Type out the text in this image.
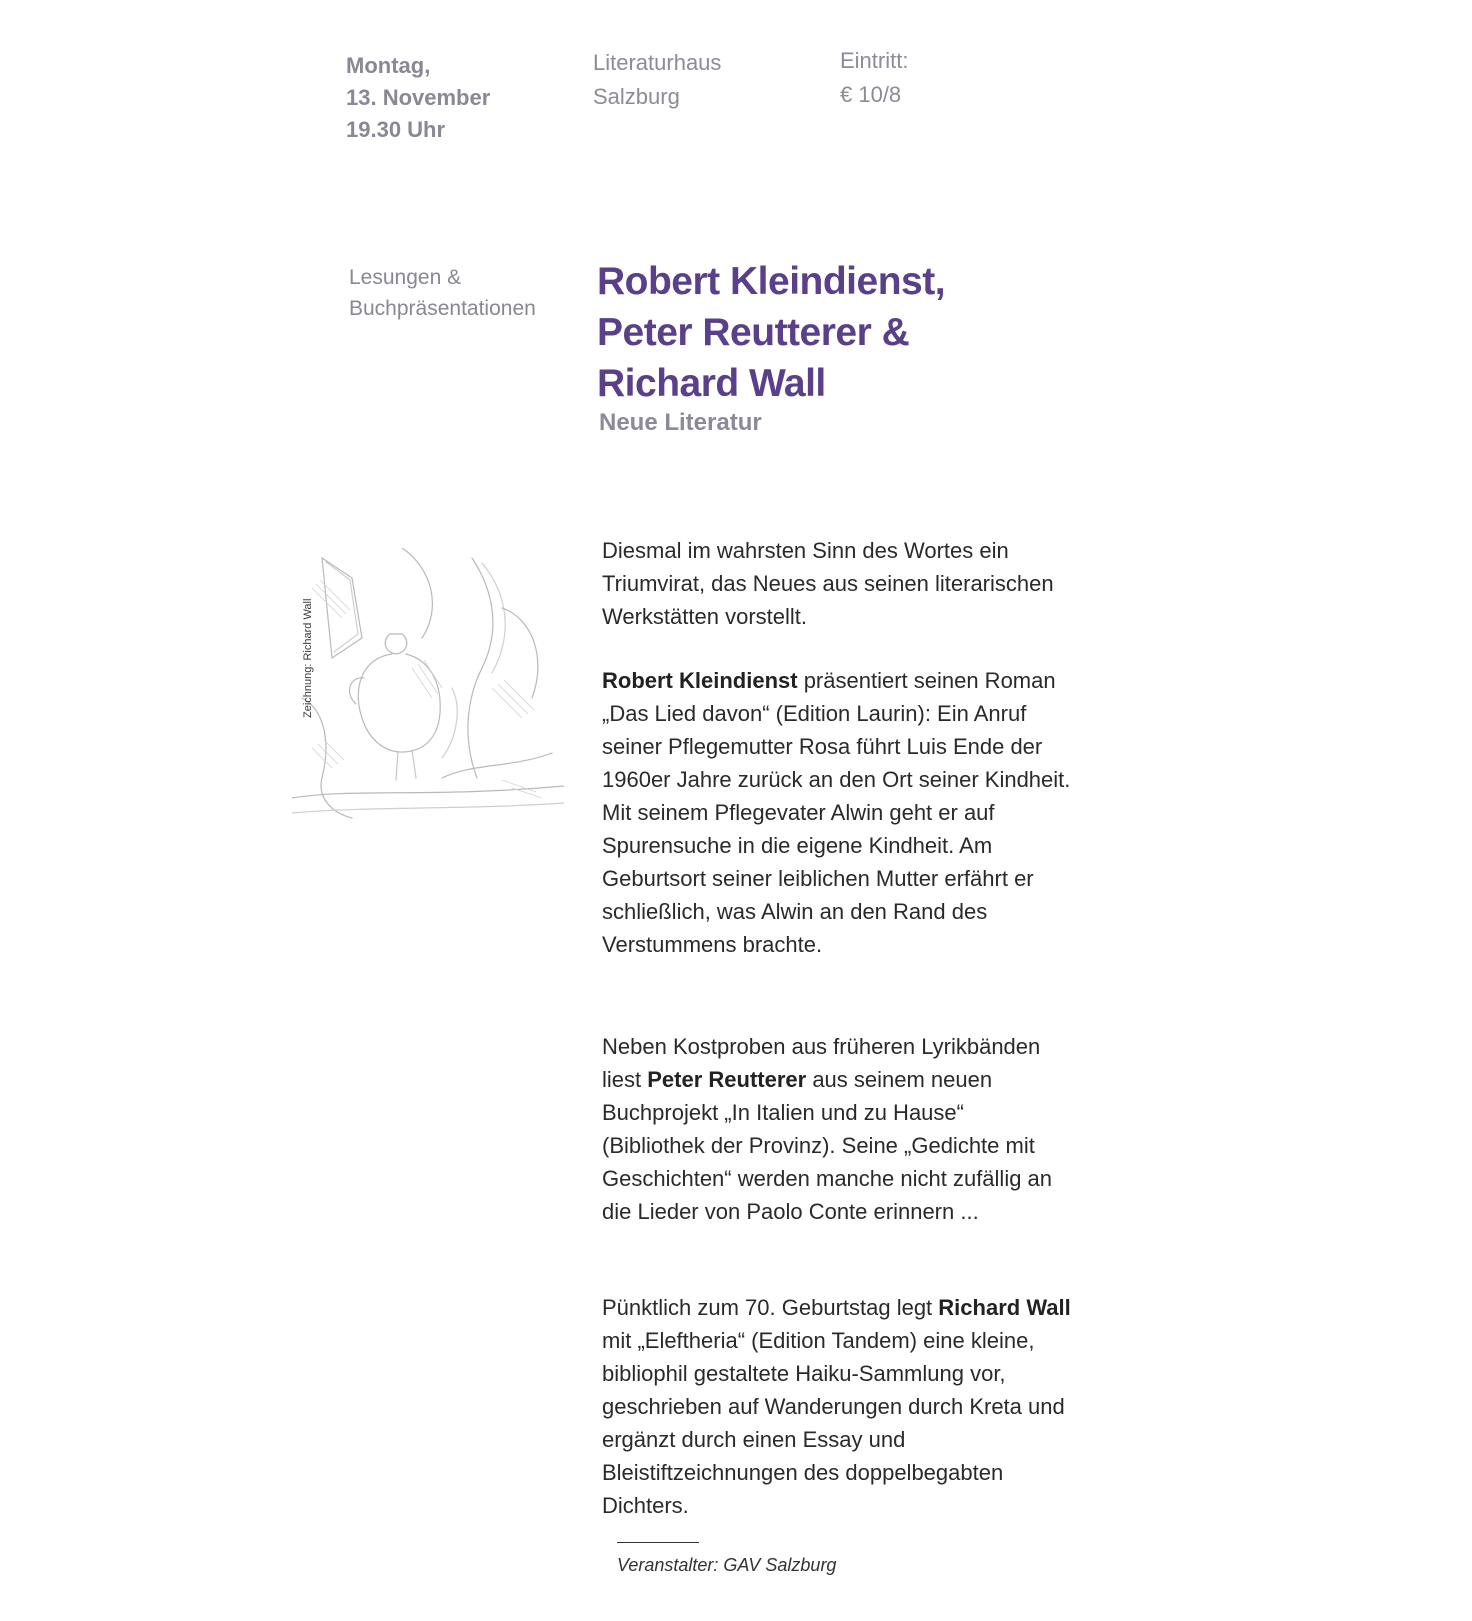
Montag,
13. November
19.30 Uhr
Literaturhaus
Salzburg
Eintritt:
€ 10/8
Lesungen &
Buchpräsentationen
Robert Kleindienst,
Peter Reutterer &
Richard Wall
Neue Literatur
Zeichnung: Richard Wall
Diesmal im wahrsten Sinn des Wortes ein Triumvirat, das Neues aus seinen literarischen Werkstätten vorstellt.
Robert Kleindienst präsentiert seinen Roman „Das Lied davon“ (Edition Laurin): Ein Anruf seiner Pflegemutter Rosa führt Luis Ende der 1960er Jahre zurück an den Ort seiner Kindheit. Mit seinem Pflegevater Alwin geht er auf Spurensuche in die eigene Kindheit. Am Geburtsort seiner leiblichen Mutter erfährt er schließlich, was Alwin an den Rand des Verstummens brachte.
Neben Kostproben aus früheren Lyrikbänden liest Peter Reutterer aus seinem neuen Buchprojekt „In Italien und zu Hause“ (Bibliothek der Provinz). Seine „Gedichte mit Geschichten“ werden manche nicht zufällig an die Lieder von Paolo Conte erinnern ...
Pünktlich zum 70. Geburtstag legt Richard Wall mit „Eleftheria“ (Edition Tandem) eine kleine, bibliophil gestaltete Haiku-Sammlung vor, geschrieben auf Wanderungen durch Kreta und ergänzt durch einen Essay und Bleistiftzeichnungen des doppelbegabten Dichters.
Veranstalter: GAV Salzburg
